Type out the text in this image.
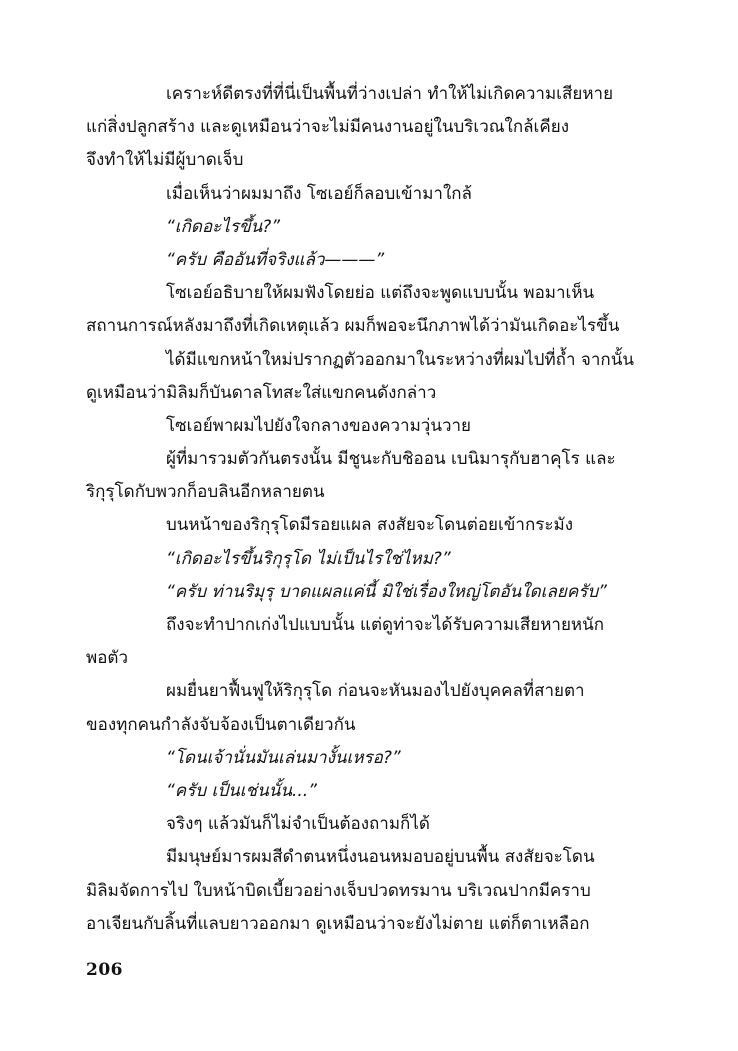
เคราะห์ดีตรงที่ที่นี่เป็นพื้นที่ว่างเปล่า ทำให้ไม่เกิดความเสียหาย
แก่สิ่งปลูกสร้าง และดูเหมือนว่าจะไม่มีคนงานอยู่ในบริเวณใกล้เคียง
จึงทำให้ไม่มีผู้บาดเจ็บ
เมื่อเห็นว่าผมมาถึง โซเอย์ก็ลอบเข้ามาใกล้
“เกิดอะไรขึ้น?”
“ครับ คืออันที่จริงแล้ว———”
โซเอย์อธิบายให้ผมฟังโดยย่อ แต่ถึงจะพูดแบบนั้น พอมาเห็น
สถานการณ์หลังมาถึงที่เกิดเหตุแล้ว ผมก็พอจะนึกภาพได้ว่ามันเกิดอะไรขึ้น
ได้มีแขกหน้าใหม่ปรากฏตัวออกมาในระหว่างที่ผมไปที่ถ้ำ จากนั้น
ดูเหมือนว่ามิลิมก็บันดาลโทสะใส่แขกคนดังกล่าว
โซเอย์พาผมไปยังใจกลางของความวุ่นวาย
ผู้ที่มารวมตัวกันตรงนั้น มีชูนะกับชิออน เบนิมารุกับฮาคุโร และ
ริกุรุโดกับพวกก็อบลินอีกหลายตน
บนหน้าของริกุรุโดมีรอยแผล สงสัยจะโดนต่อยเข้ากระมัง
“เกิดอะไรขึ้นริกุรุโด ไม่เป็นไรใช่ไหม?”
“ครับ ท่านริมุรุ บาดแผลแค่นี้ มิใช่เรื่องใหญ่โตอันใดเลยครับ”
ถึงจะทำปากเก่งไปแบบนั้น แต่ดูท่าจะได้รับความเสียหายหนัก
พอตัว
ผมยื่นยาฟื้นฟูให้ริกุรุโด ก่อนจะหันมองไปยังบุคคลที่สายตา
ของทุกคนกำลังจับจ้องเป็นตาเดียวกัน
“โดนเจ้านั่นมันเล่นมางั้นเหรอ?”
“ครับ เป็นเช่นนั้น...”
จริงๆ แล้วมันก็ไม่จำเป็นต้องถามก็ได้
มีมนุษย์มารผมสีดำตนหนึ่งนอนหมอบอยู่บนพื้น สงสัยจะโดน
มิลิมจัดการไป ใบหน้าบิดเบี้ยวอย่างเจ็บปวดทรมาน บริเวณปากมีคราบ
อาเจียนกับลิ้นที่แลบยาวออกมา ดูเหมือนว่าจะยังไม่ตาย แต่ก็ตาเหลือก
206
